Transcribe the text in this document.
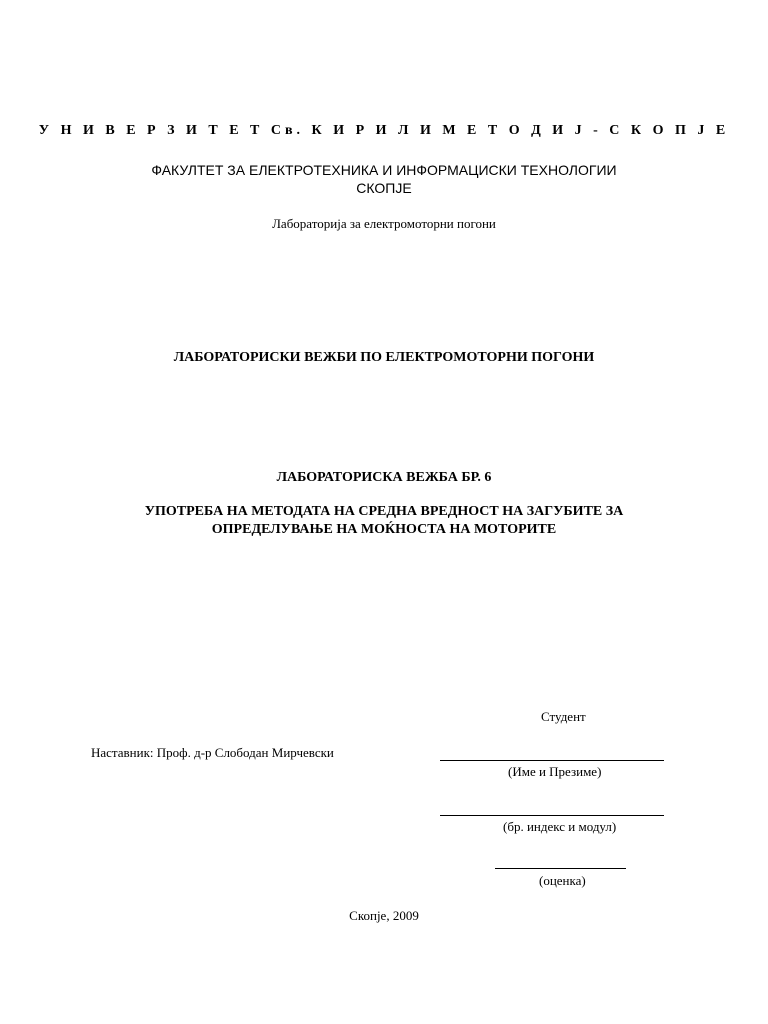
У Н И В Е Р З И Т Е Т Св. К И Р И Л И М Е Т О Д И Ј - С К О П Ј Е
ФАКУЛТЕТ ЗА ЕЛЕКТРОТЕХНИКА И ИНФОРМАЦИСКИ ТЕХНОЛОГИИ
СКОПЈЕ
Лабораторија за електромоторни погони
ЛАБОРАТОРИСКИ ВЕЖБИ ПО ЕЛЕКТРОМОТОРНИ ПОГОНИ
ЛАБОРАТОРИСКА ВЕЖБА БР. 6
УПОТРЕБА НА МЕТОДАТА НА СРЕДНА ВРЕДНОСТ НА ЗАГУБИТЕ ЗА
ОПРЕДЕЛУВАЊЕ НА МОЌНОСТА НА МОТОРИТЕ
Студент
Наставник: Проф. д-р Слободан Мирчевски
(Име и Презиме)
(бр. индекс и модул)
(оценка)
Скопје, 2009
